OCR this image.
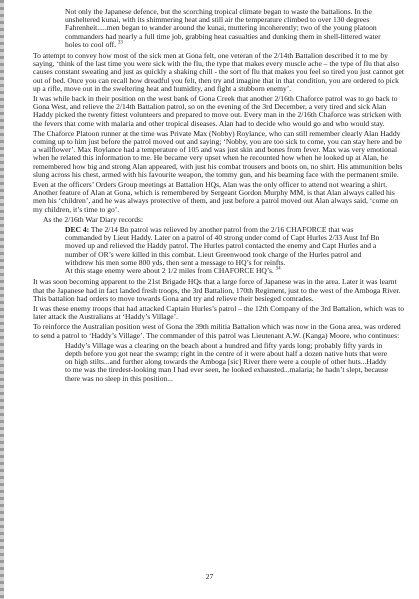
Not only the Japanese defence, but the scorching tropical climate began to waste the battalions. In the unsheltered kunai, with its shimmering heat and still air the temperature climbed to over 130 degrees Fahrenheit.....men began to wander around the kunai, muttering incoherently; two of the young platoon commanders had nearly a full time job, grabbing heat casualties and dunking them in shell-littered water holes to cool off. $^{33}$

To attempt to convey how most of the sick men at Gona felt, one veteran of the 2/14th Battalion described it to me by saying, ‘think of the last time you were sick with the flu, the type that makes every muscle ache – the type of flu that also causes constant sweating and just as quickly a shaking chill - the sort of flu that makes you feel so tired you just cannot get out of bed. Once you can recall how dreadful you felt, then try and imagine that in that condition, you are ordered to pick up a rifle, move out in the sweltering heat and humidity, and fight a stubborn enemy’.

It was while back in their position on the west bank of Gona Creek that another 2/16th Chaforce patrol was to go back to Gona West, and relieve the 2/14th Battalion patrol, so on the evening of the 3rd December, a very tired and sick Alan Haddy picked the twenty fittest volunteers and prepared to move out. Every man in the 2/16th Chaforce was stricken with the fevers that come with malaria and other tropical diseases. Alan had to decide who would go and who would stay.

The Chaforce Platoon runner at the time was Private Max (Nobby) Roylance, who can still remember clearly Alan Haddy coming up to him just before the patrol moved out and saying; ‘Nobby, you are too sick to come, you can stay here and be a wallflower’. Max Roylance had a temperature of 105 and was just skin and bones from fever. Max was very emotional when he related this information to me. He became very upset when he recounted how when he looked up at Alan, he remembered how big and strong Alan appeared, with just his combat trousers and boots on, no shirt. His ammunition belts slung across his chest, armed with his favourite weapon, the tommy gun, and his beaming face with the permanent smile.

Even at the officers’ Orders Group meetings at Battalion HQs, Alan was the only officer to attend not wearing a shirt. Another feature of Alan at Gona, which is remembered by Sergeant Gordon Murphy MM, is that Alan always called his men his ‘children’, and he was always protective of them, and just before a patrol moved out Alan always said, ‘come on my children, it’s time to go’.

As the 2/16th War Diary records:

DEC 4: The 2/14 Bn patrol was relieved by another patrol from the 2/16 CHAFORCE that was commanded by Lieut Haddy. Later on a patrol of 40 strong under comd of Capt Hurles 2/33 Aust Inf Bn moved up and relieved the Haddy patrol. The Hurles patrol contacted the enemy and Capt Hurles and a number of OR’s were killed in this combat. Lieut Greenwood took charge of the Hurles patrol and withdrew his men some 800 yds, then sent a message to HQ’s for reinfts.
At this stage enemy were about 2 1/2 miles from CHAFORCE HQ’s. $^{34}$

It was soon becoming apparent to the 21st Brigade HQs that a large force of Japanese was in the area. Later it was learnt that the Japanese had in fact landed fresh troops, the 3rd Battalion, 170th Regiment, just to the west of the Amboga River. This battalion had orders to move towards Gona and try and relieve their besieged comrades.

It was these enemy troops that had attacked Captain Hurles’s patrol – the 12th Company of the 3rd Battalion, which was to later attack the Australians at ‘Haddy’s Village’.

To reinforce the Australian position west of Gona the 39th militia Battalion which was now in the Gona area, was ordered to send a patrol to ‘Haddy’s Village’. The commander of this patrol was Lieutenant A.W. (Kanga) Moore, who continues:

Haddy’s Village was a clearing on the beach about a hundred and fifty yards long; probably fifty yards in depth before you got near the swamp; right in the centre of it were about half a dozen native huts that were on high stilts...and further along towards the Amboga [sic] River there were a couple of other huts...Haddy to me was the tiredest-looking man I had ever seen, he looked exhausted...malaria; he hadn’t slept, because there was no sleep in this position...

27
